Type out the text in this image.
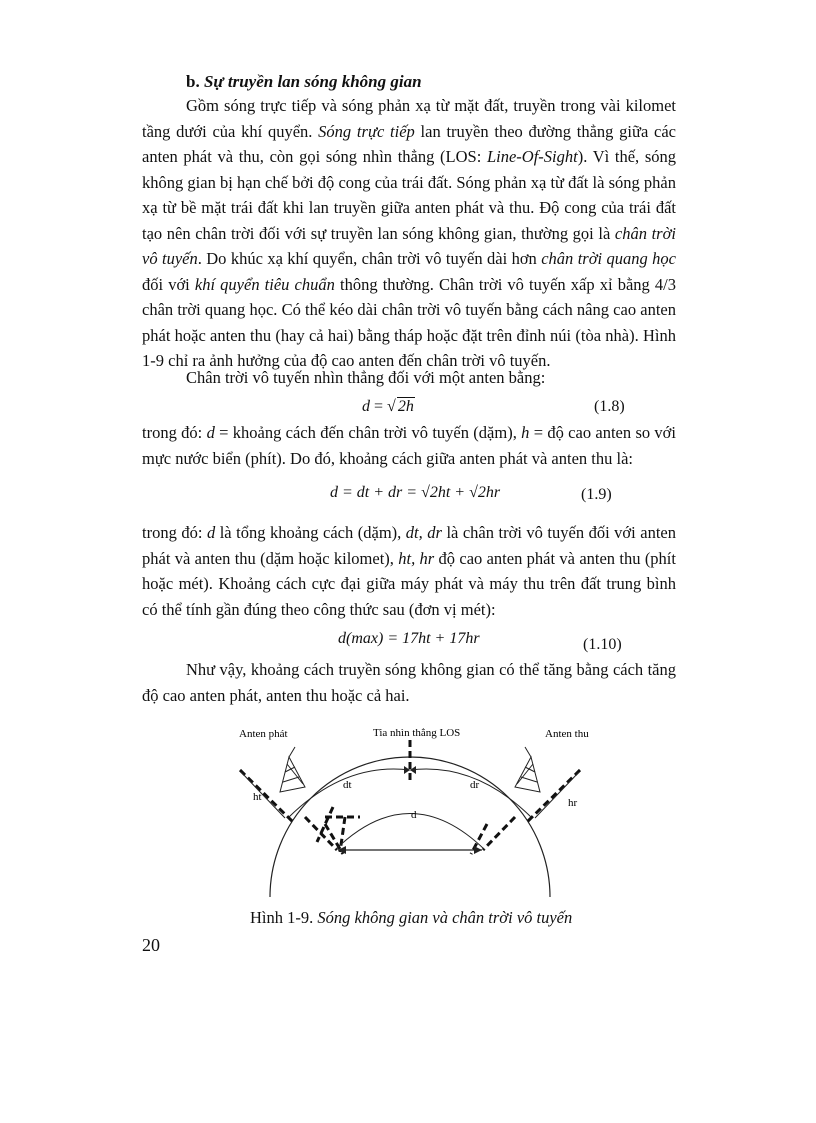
b. Sự truyền lan sóng không gian

Gồm sóng trực tiếp và sóng phản xạ từ mặt đất, truyền trong vài kilomet tầng dưới của khí quyển. Sóng trực tiếp lan truyền theo đường thẳng giữa các anten phát và thu, còn gọi sóng nhìn thẳng (LOS: Line-Of-Sight). Vì thế, sóng không gian bị hạn chế bởi độ cong của trái đất. Sóng phản xạ từ đất là sóng phản xạ từ bề mặt trái đất khi lan truyền giữa anten phát và thu. Độ cong của trái đất tạo nên chân trời đối với sự truyền lan sóng không gian, thường gọi là chân trời vô tuyến. Do khúc xạ khí quyển, chân trời vô tuyến dài hơn chân trời quang học đối với khí quyển tiêu chuẩn thông thường. Chân trời vô tuyến xấp xỉ bằng 4/3 chân trời quang học. Có thể kéo dài chân trời vô tuyến bằng cách nâng cao anten phát hoặc anten thu (hay cả hai) bằng tháp hoặc đặt trên đỉnh núi (tòa nhà). Hình 1-9 chỉ ra ảnh hưởng của độ cao anten đến chân trời vô tuyến.

Chân trời vô tuyến nhìn thẳng đối với một anten bằng:

d = √ 2h	(1.8)

trong đó: d = khoảng cách đến chân trời vô tuyến (dặm), h = độ cao anten so với mực nước biển (phít). Do đó, khoảng cách giữa anten phát và anten thu là:

d = dt + dr = √2ht + √2hr	(1.9)

trong đó: d là tổng khoảng cách (dặm), dt, dr là chân trời vô tuyến đối với anten phát và anten thu (dặm hoặc kilomet), ht, hr độ cao anten phát và anten thu (phít hoặc mét). Khoảng cách cực đại giữa máy phát và máy thu trên đất trung bình có thể tính gần đúng theo công thức sau (đơn vị mét):

d(max) = 17ht + 17hr	(1.10)

Như vậy, khoảng cách truyền sóng không gian có thể tăng bằng cách tăng độ cao anten phát, anten thu hoặc cả hai.

Anten phát	Tia nhìn thẳng LOS	Anten thu
ht	hr
dt	dr
d
Hình 1-9. Sóng không gian và chân trời vô tuyến
20
